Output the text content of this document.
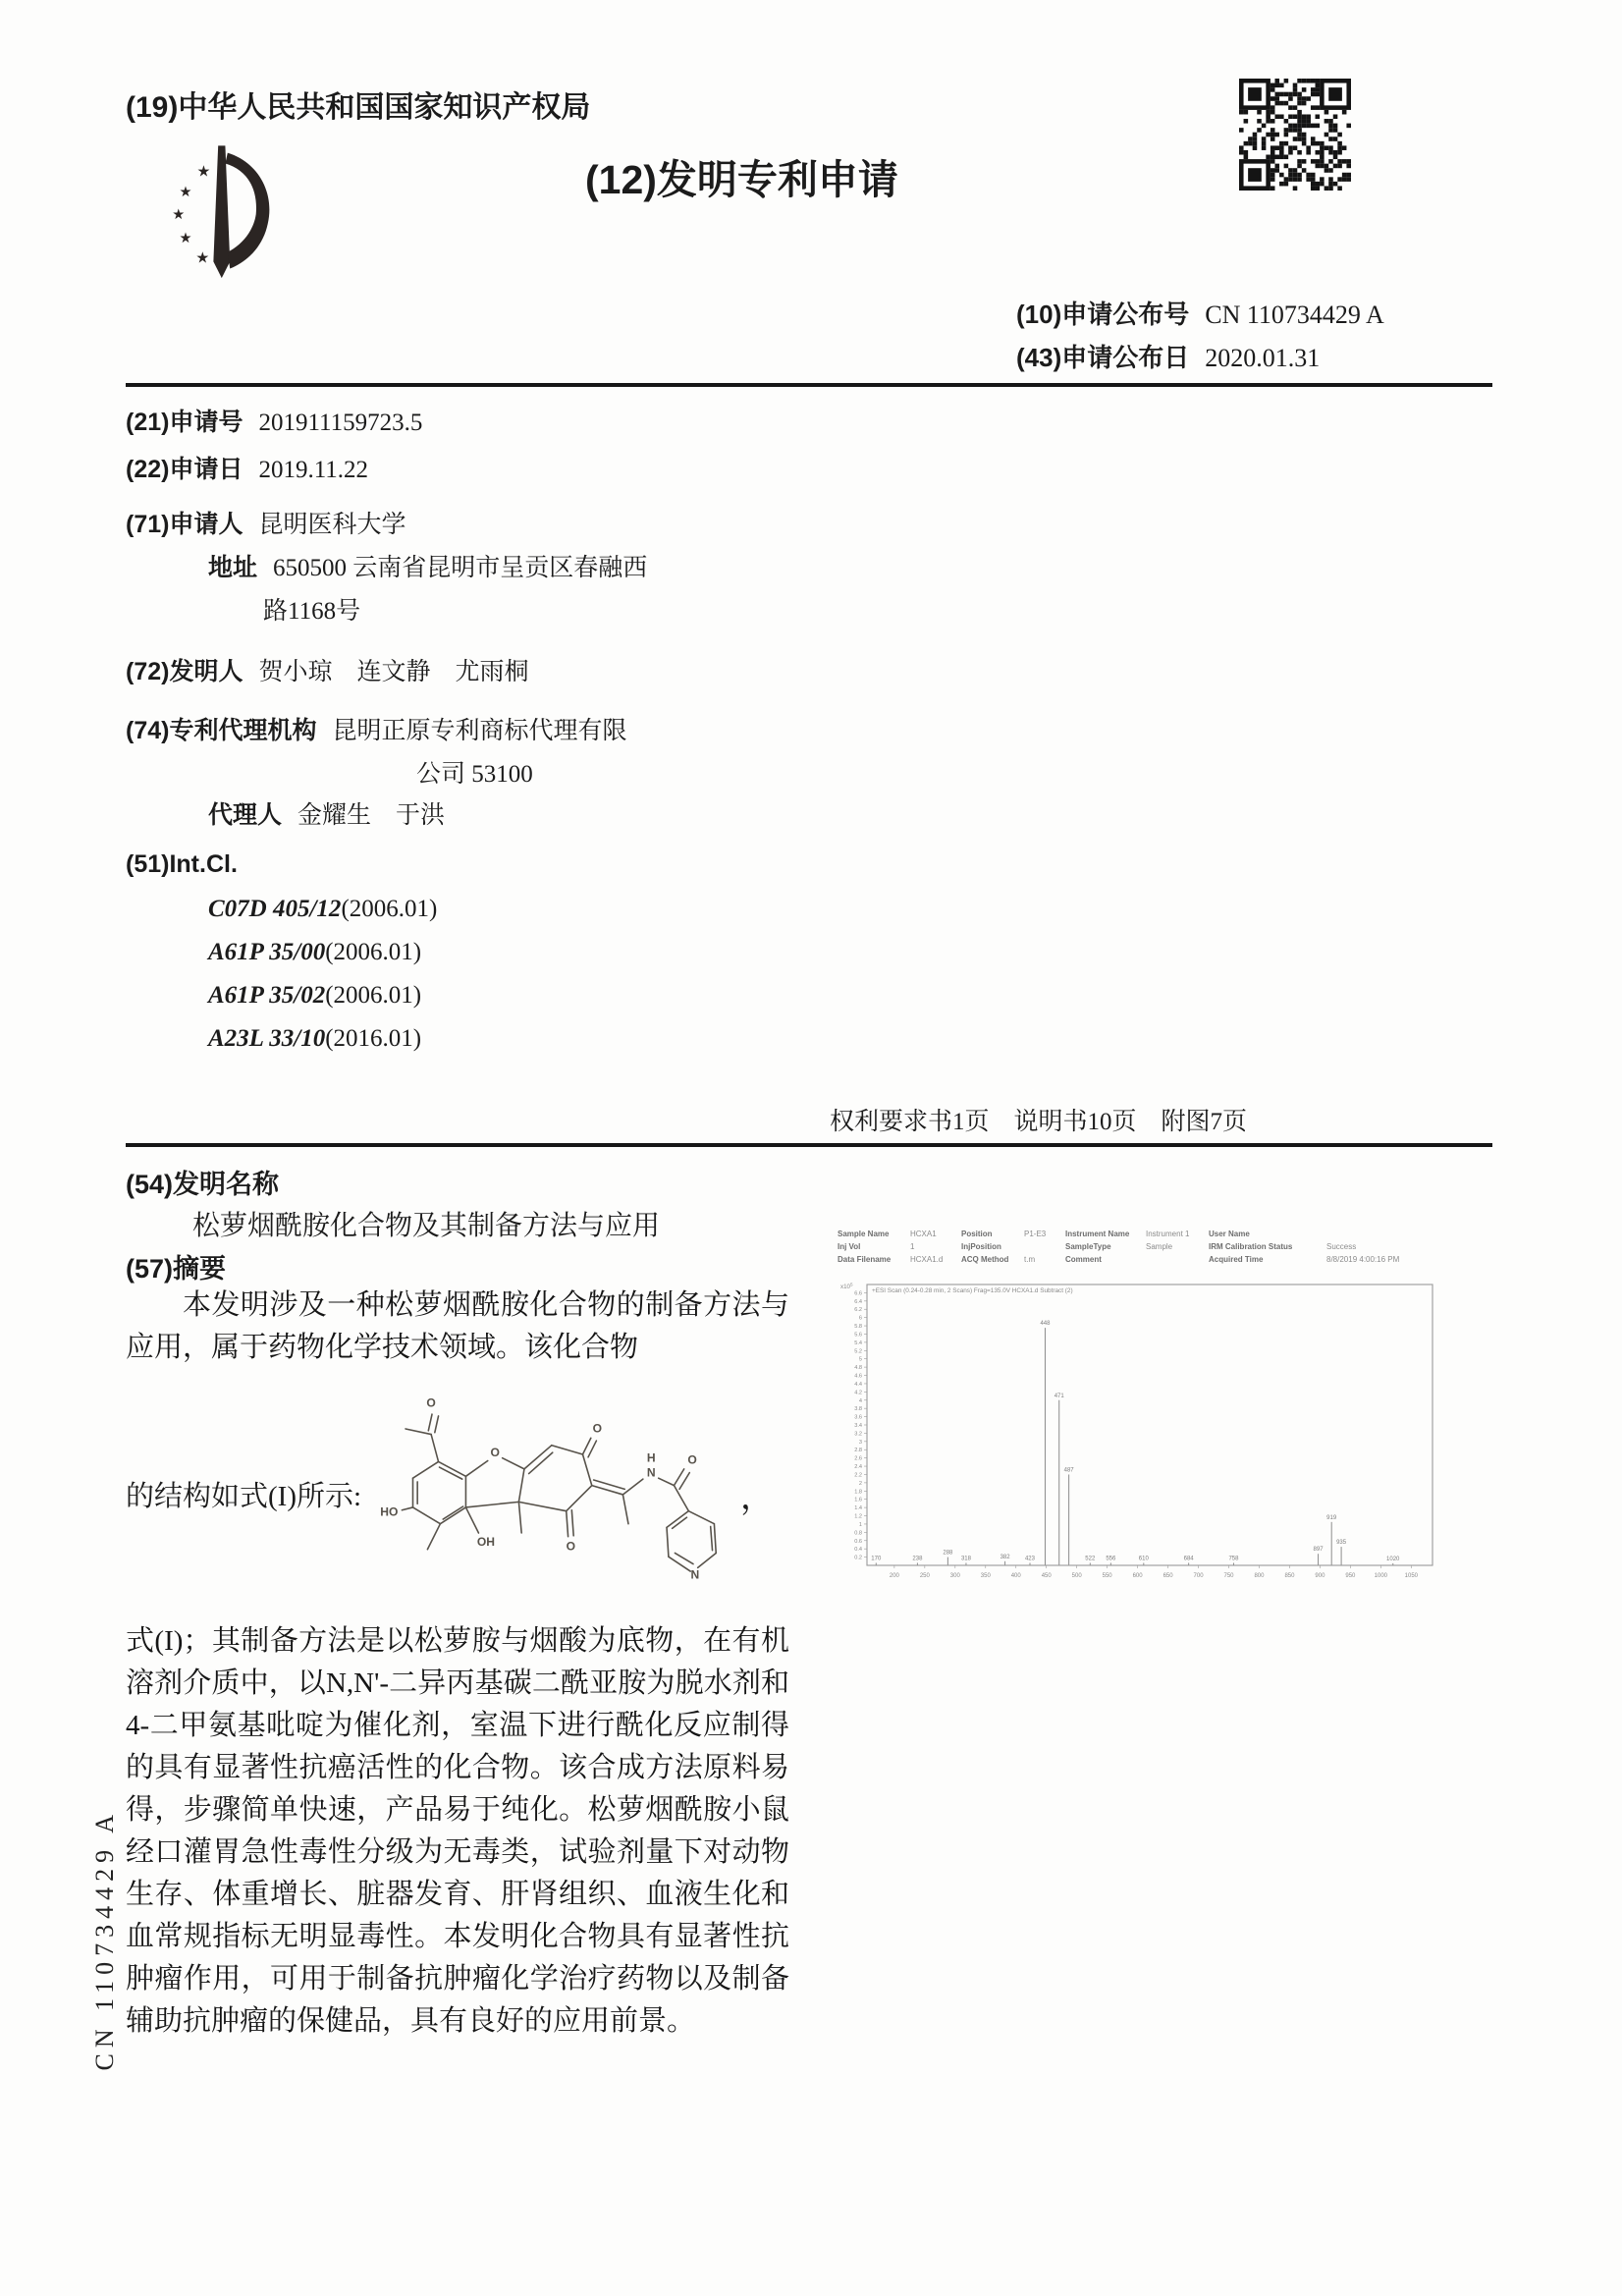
(19)中华人民共和国国家知识产权局
★
★
★
★
★
(12)发明专利申请
(10)申请公布号 CN 110734429 A
(43)申请公布日 2020.01.31
(21)申请号 201911159723.5
(22)申请日 2019.11.22
(71)申请人 昆明医科大学
地址 650500 云南省昆明市呈贡区春融西
路1168号
(72)发明人 贺小琼　连文静　尤雨桐
(74)专利代理机构 昆明正原专利商标代理有限
公司 53100
代理人 金耀生　于洪
(51)Int.Cl.
C07D 405/12 (2006.01)
A61P 35/00 (2006.01)
A61P 35/02 (2006.01)
A23L 33/10 (2016.01)
权利要求书1页　说明书10页　附图7页
(54)发明名称
松萝烟酰胺化合物及其制备方法与应用
(57)摘要
本发明涉及一种松萝烟酰胺化合物的制备方法与应用，属于药物化学技术领域。该化合物
的结构如式(I)所示:
O
HO
OH
O
O
O
H
N
O
N
，
式(I)；其制备方法是以松萝胺与烟酸为底物，在有机溶剂介质中，以N,N'-二异丙基碳二酰亚胺为脱水剂和4-二甲氨基吡啶为催化剂，室温下进行酰化反应制得的具有显著性抗癌活性的化合物。该合成方法原料易得，步骤简单快速，产品易于纯化。松萝烟酰胺小鼠经口灌胃急性毒性分级为无毒类，试验剂量下对动物生存、体重增长、脏器发育、肝肾组织、血液生化和血常规指标无明显毒性。本发明化合物具有显著性抗肿瘤作用，可用于制备抗肿瘤化学治疗药物以及制备辅助抗肿瘤的保健品，具有良好的应用前景。
Sample Name	HCXA1	Position	P1-E3	Instrument Name	Instrument 1	User Name
Inj Vol	1	InjPosition	SampleType	Sample	IRM Calibration Status	Success
Data Filename	HCXA1.d	ACQ Method	t.m	Comment	Acquired Time	8/8/2019 4:00:16 PM
0.2
0.4
0.6
0.8
1
1.2
1.4
1.6
1.8
2
2.2
2.4
2.6
2.8
3
3.2
3.4
3.6
3.8
4
4.2
4.4
4.6
4.8
5
5.2
5.4
5.6
5.8
6
6.2
6.4
6.6
200	250	300	350	400	450	500	550	600	650	700	750	800	850	900	950	1000	1050
170	238
288
318	382	423
448
471
487
522 556	610	684	758
897
919
935
1020
+ESI Scan (0.24-0.28 min, 2 Scans) Frag=135.0V HCXA1.d Subtract (2)
$x10^5$
CN 110734429 A
